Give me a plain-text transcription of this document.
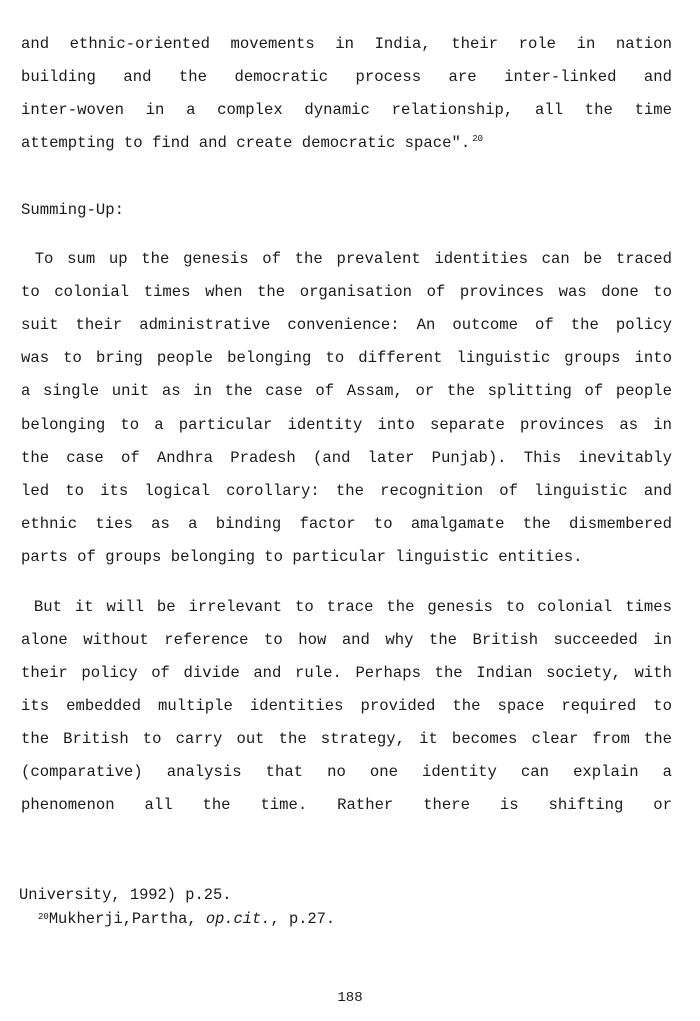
and ethnic-oriented movements in India, their role in nation
building and the democratic process are inter-linked and
inter-woven in a complex dynamic relationship, all the time
attempting to find and create democratic space". $^{20}$
Summing-Up:
To sum up the genesis of the prevalent identities can be traced
to colonial times when the organisation of provinces was done to
suit their administrative convenience: An outcome of the policy
was to bring people belonging to different linguistic groups into
a single unit as in the case of Assam, or the splitting of people
belonging to a particular identity into separate provinces as in
the case of Andhra Pradesh (and later Punjab). This inevitably
led to its logical corollary: the recognition of linguistic and
ethnic ties as a binding factor to amalgamate the dismembered
parts of groups belonging to particular linguistic entities.
But it will be irrelevant to trace the genesis to colonial times
alone without reference to how and why the British succeeded in
their policy of divide and rule. Perhaps the Indian society, with
its embedded multiple identities provided the space required to
the British to carry out the strategy, it becomes clear from the
(comparative) analysis that no one identity can explain a
phenomenon all the time. Rather there is shifting or
University, 1992) p.25.
$^{20}$Mukherji,Partha, op.cit., p.27.
188
